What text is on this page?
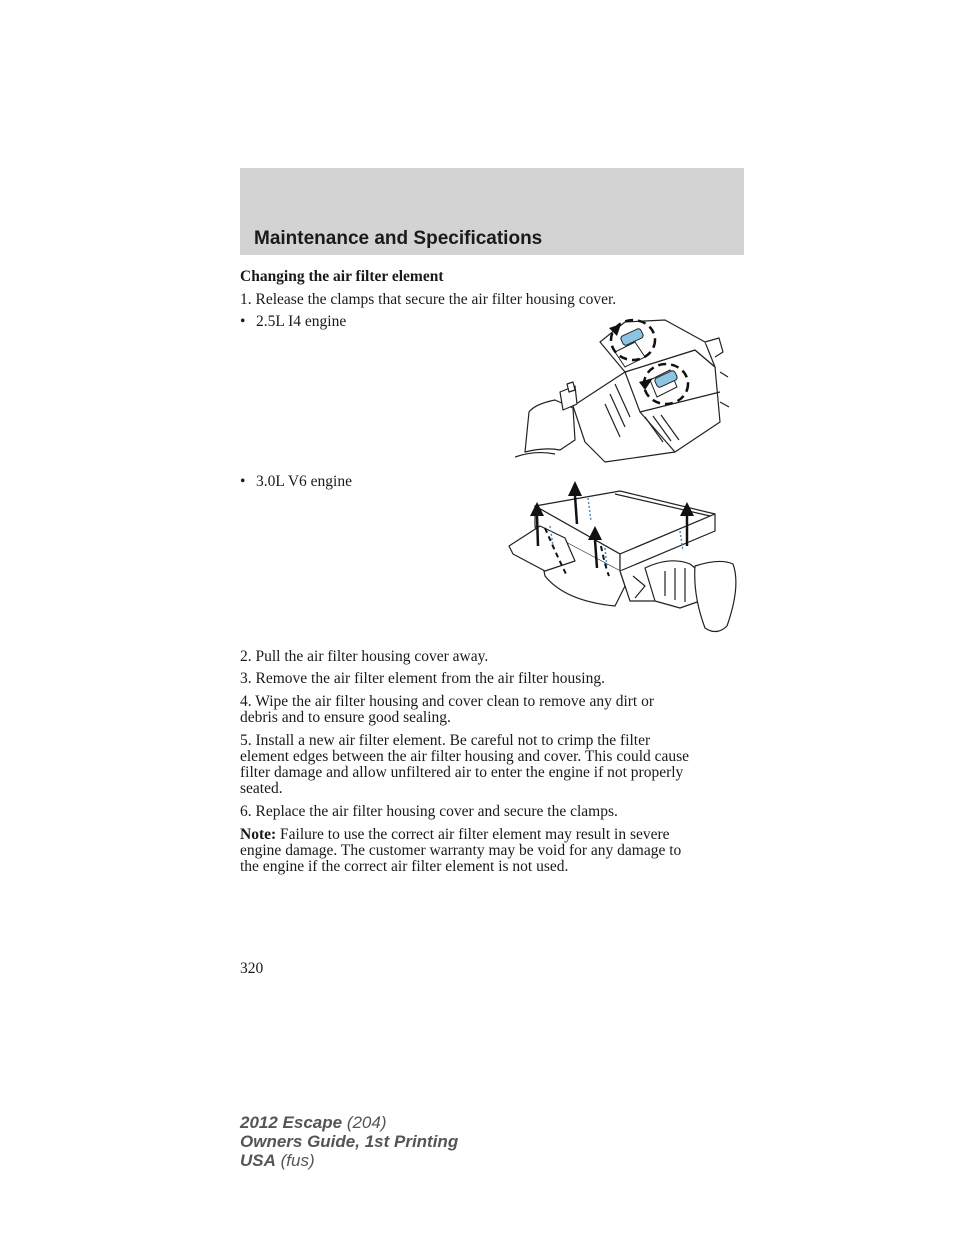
Maintenance and Specifications

Changing the air filter element

1. Release the clamps that secure the air filter housing cover.

• 2.5L I4 engine

• 3.0L V6 engine

2. Pull the air filter housing cover away.

3. Remove the air filter element from the air filter housing.

4. Wipe the air filter housing and cover clean to remove any dirt or

debris and to ensure good sealing.

5. Install a new air filter element. Be careful not to crimp the filter

element edges between the air filter housing and cover. This could cause

filter damage and allow unfiltered air to enter the engine if not properly

seated.

6. Replace the air filter housing cover and secure the clamps.

Note: Failure to use the correct air filter element may result in severe

engine damage. The customer warranty may be void for any damage to

the engine if the correct air filter element is not used.

320

2012 Escape (204)
Owners Guide, 1st Printing
USA (fus)
